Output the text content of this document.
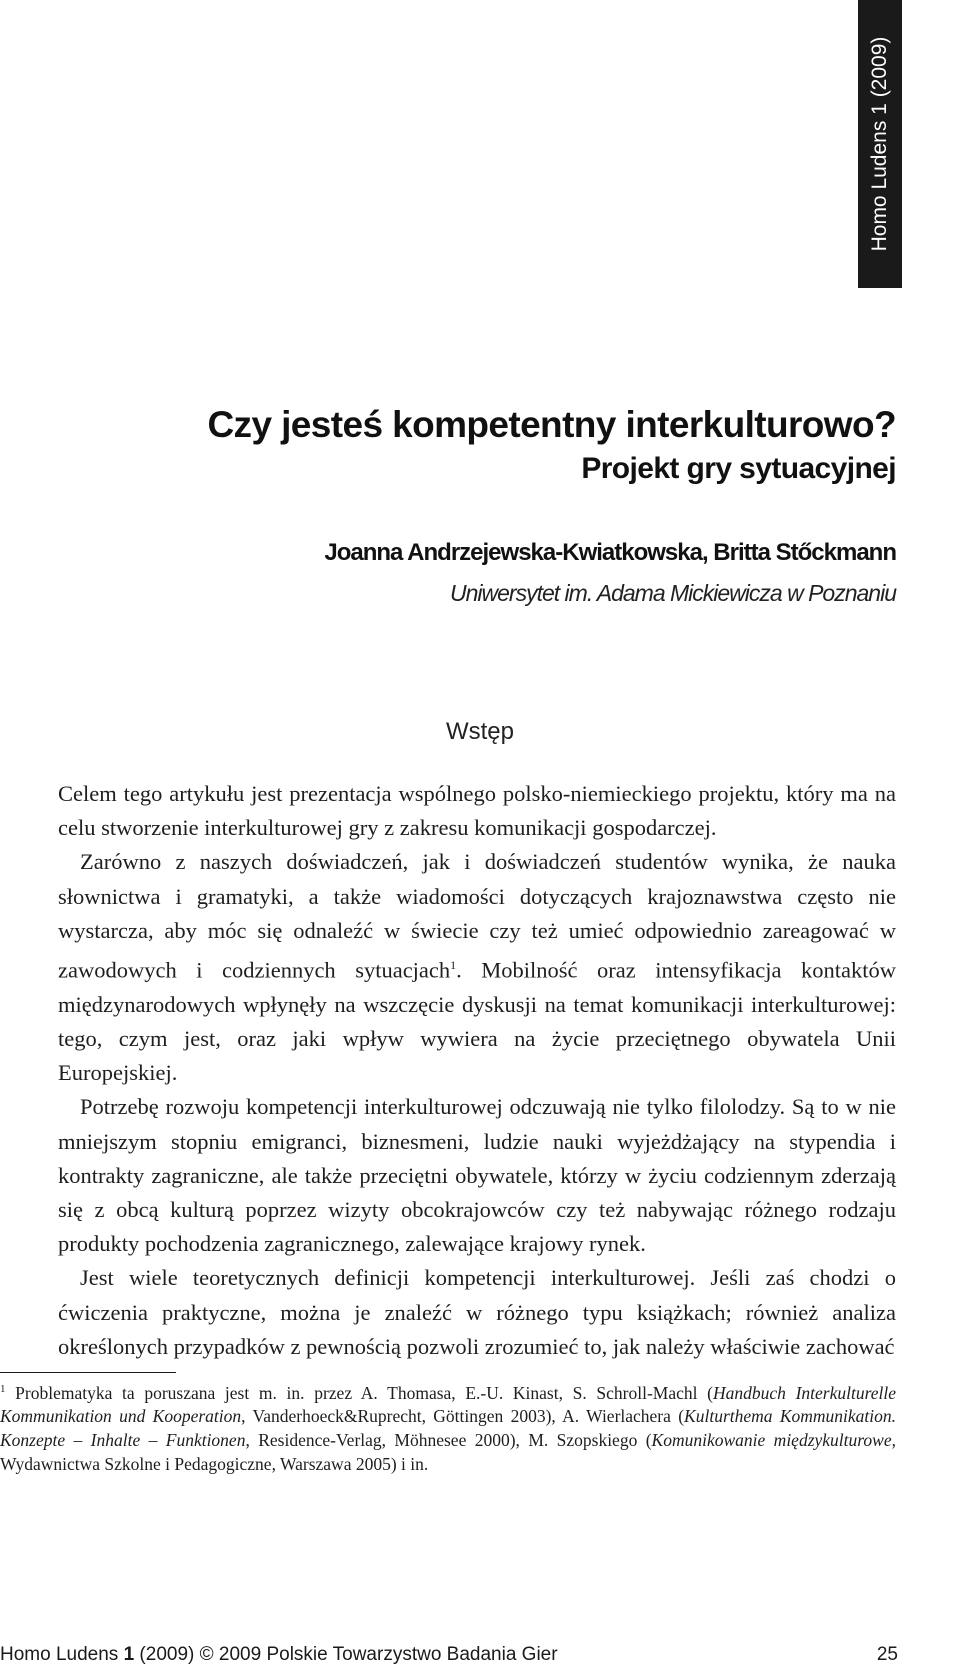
Homo Ludens 1 (2009)
Czy jesteś kompetentny interkulturowo?
Projekt gry sytuacyjnej
Joanna Andrzejewska-Kwiatkowska, Britta Stőckmann
Uniwersytet im. Adama Mickiewicza w Poznaniu
Wstęp

Celem tego artykułu jest prezentacja wspólnego polsko-niemieckiego projektu, który ma na celu stworzenie interkulturowej gry z zakresu komunikacji gospodarczej.

Zarówno z naszych doświadczeń, jak i doświadczeń studentów wynika, że nauka słownictwa i gramatyki, a także wiadomości dotyczących krajoznawstwa często nie wystarcza, aby móc się odnaleźć w świecie czy też umieć odpowiednio zareagować w zawodowych i codziennych sytuacjach$^1$. Mobilność oraz intensyfikacja kontaktów międzynarodowych wpłynęły na wszczęcie dyskusji na temat komunikacji interkulturowej: tego, czym jest, oraz jaki wpływ wywiera na życie przeciętnego obywatela Unii Europejskiej.

Potrzebę rozwoju kompetencji interkulturowej odczuwają nie tylko filolodzy. Są to w nie mniejszym stopniu emigranci, biznesmeni, ludzie nauki wyjeżdżający na stypendia i kontrakty zagraniczne, ale także przeciętni obywatele, którzy w życiu codziennym zderzają się z obcą kulturą poprzez wizyty obcokrajowców czy też nabywając różnego rodzaju produkty pochodzenia zagranicznego, zalewające krajowy rynek.

Jest wiele teoretycznych definicji kompetencji interkulturowej. Jeśli zaś chodzi o ćwiczenia praktyczne, można je znaleźć w różnego typu książkach; również analiza określonych przypadków z pewnością pozwoli zrozumieć to, jak należy właściwie zachować

$^1$ Problematyka ta poruszana jest m. in. przez A. Thomasa, E.-U. Kinast, S. Schroll-Machl (Handbuch Interkulturelle Kommunikation und Kooperation, Vanderhoeck&Ruprecht, Göttingen 2003), A. Wierlachera (Kulturthema Kommunikation. Konzepte – Inhalte – Funktionen, Residence-Verlag, Möhnesee 2000), M. Szopskiego (Komunikowanie międzykulturowe, Wydawnictwa Szkolne i Pedagogiczne, Warszawa 2005) i in.
Homo Ludens 1 (2009) © 2009 Polskie Towarzystwo Badania Gier	25
